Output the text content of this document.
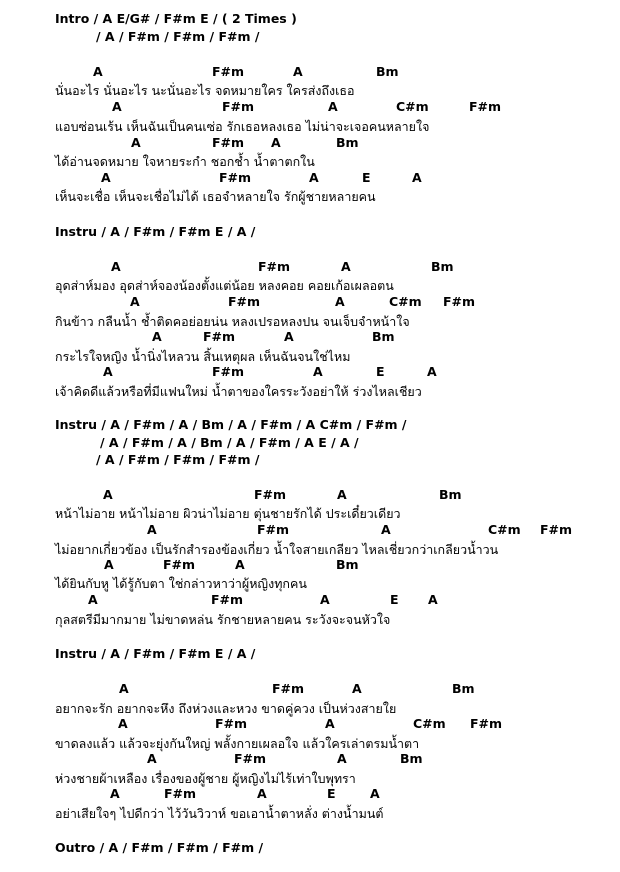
Intro / A E/G# / F#m E / ( 2 Times )
/ A / F#m / F#m / F#m /
A	F#m	A	Bm
นั่นอะไร นั่นอะไร นะนั่นอะไร จดหมายใคร ใครส่งถึงเธอ
A	F#m	A	C#m	F#m
แอบซ่อนเร้น เห็นฉันเป็นคนเซ่อ รักเธอหลงเธอ ไม่น่าจะเจอคนหลายใจ
A	F#m A	Bm
ได้อ่านจดหมาย ใจหายระกำ ชอกช้ำ น้ำตาตกใน
A	F#m	A	E	A
เห็นจะเชื่อ เห็นจะเชื่อไม่ได้ เธอจำหลายใจ รักผู้ชายหลายคน
Instru / A / F#m / F#m E / A /
A	F#m	A	Bm
อุดส่าห์มอง อุดส่าห์จองน้องตั้งแต่น้อย หลงคอย คอยเก้อเผลอตน
A	F#m	A	C#m F#m
กินข้าว กลืนน้ำ ช้ำติดคอย่อยน่น หลงเปรอหลงปน จนเจ็บจำหน้าใจ
A	F#m	A	Bm
กระไรใจหญิง น้ำนิ่งไหลวน สิ้นเหตุผล เห็นฉันจนใช่ไหม
A	F#m	A	E	A
เจ้าคิดดีแล้วหรือที่มีแฟนใหม่ น้ำตาของใครระวังอย่าให้ ร่วงไหลเชียว
Instru / A / F#m / A / Bm / A / F#m / A C#m / F#m /
/ A / F#m / A / Bm / A / F#m / A E / A /
/ A / F#m / F#m / F#m /
A	F#m	A	Bm
หน้าไม่อาย หน้าไม่อาย ผิวน่าไม่อาย ตุ่นชายรักได้ ประเดี๋ยวเดียว
A	F#m	A	C#m F#m
ไม่อยากเกี่ยวข้อง เป็นรักสำรองข้องเกี่ยว น้ำใจสายเกลียว ไหลเชี่ยวกว่าเกลียวน้ำวน
A	F#m	A	Bm
ได้ยินกับหู ได้รู้กับตา ใช่กล่าวหาว่าผู้หญิงทุกคน
A	F#m	A	E A
กุลสตรีมีมากมาย ไม่ขาดหล่น รักชายหลายคน ระวังจะจนหัวใจ
Instru / A / F#m / F#m E / A /
A	F#m	A	Bm
อยากจะรัก อยากจะหึง ถึงห่วงและหวง ขาดคู่ควง เป็นห่วงสายใย
A	F#m	A	C#m F#m
ขาดลงแล้ว แล้วจะยุ่งกันใหญ่ พลั้งกายเผลอใจ แล้วใครเล่าตรมน้ำตา
A	F#m	A	Bm
ห่วงชายผ้าเหลือง เรื่องของผู้ชาย ผู้หญิงไม่ไร้เท่าใบพุทรา
A	F#m	A	E	A
อย่าเสียใจๆ ไปดีกว่า ไว้วันวิวาห์ ขอเอาน้ำตาหลั่ง ต่างน้ำมนต์
Outro / A / F#m / F#m / F#m /
